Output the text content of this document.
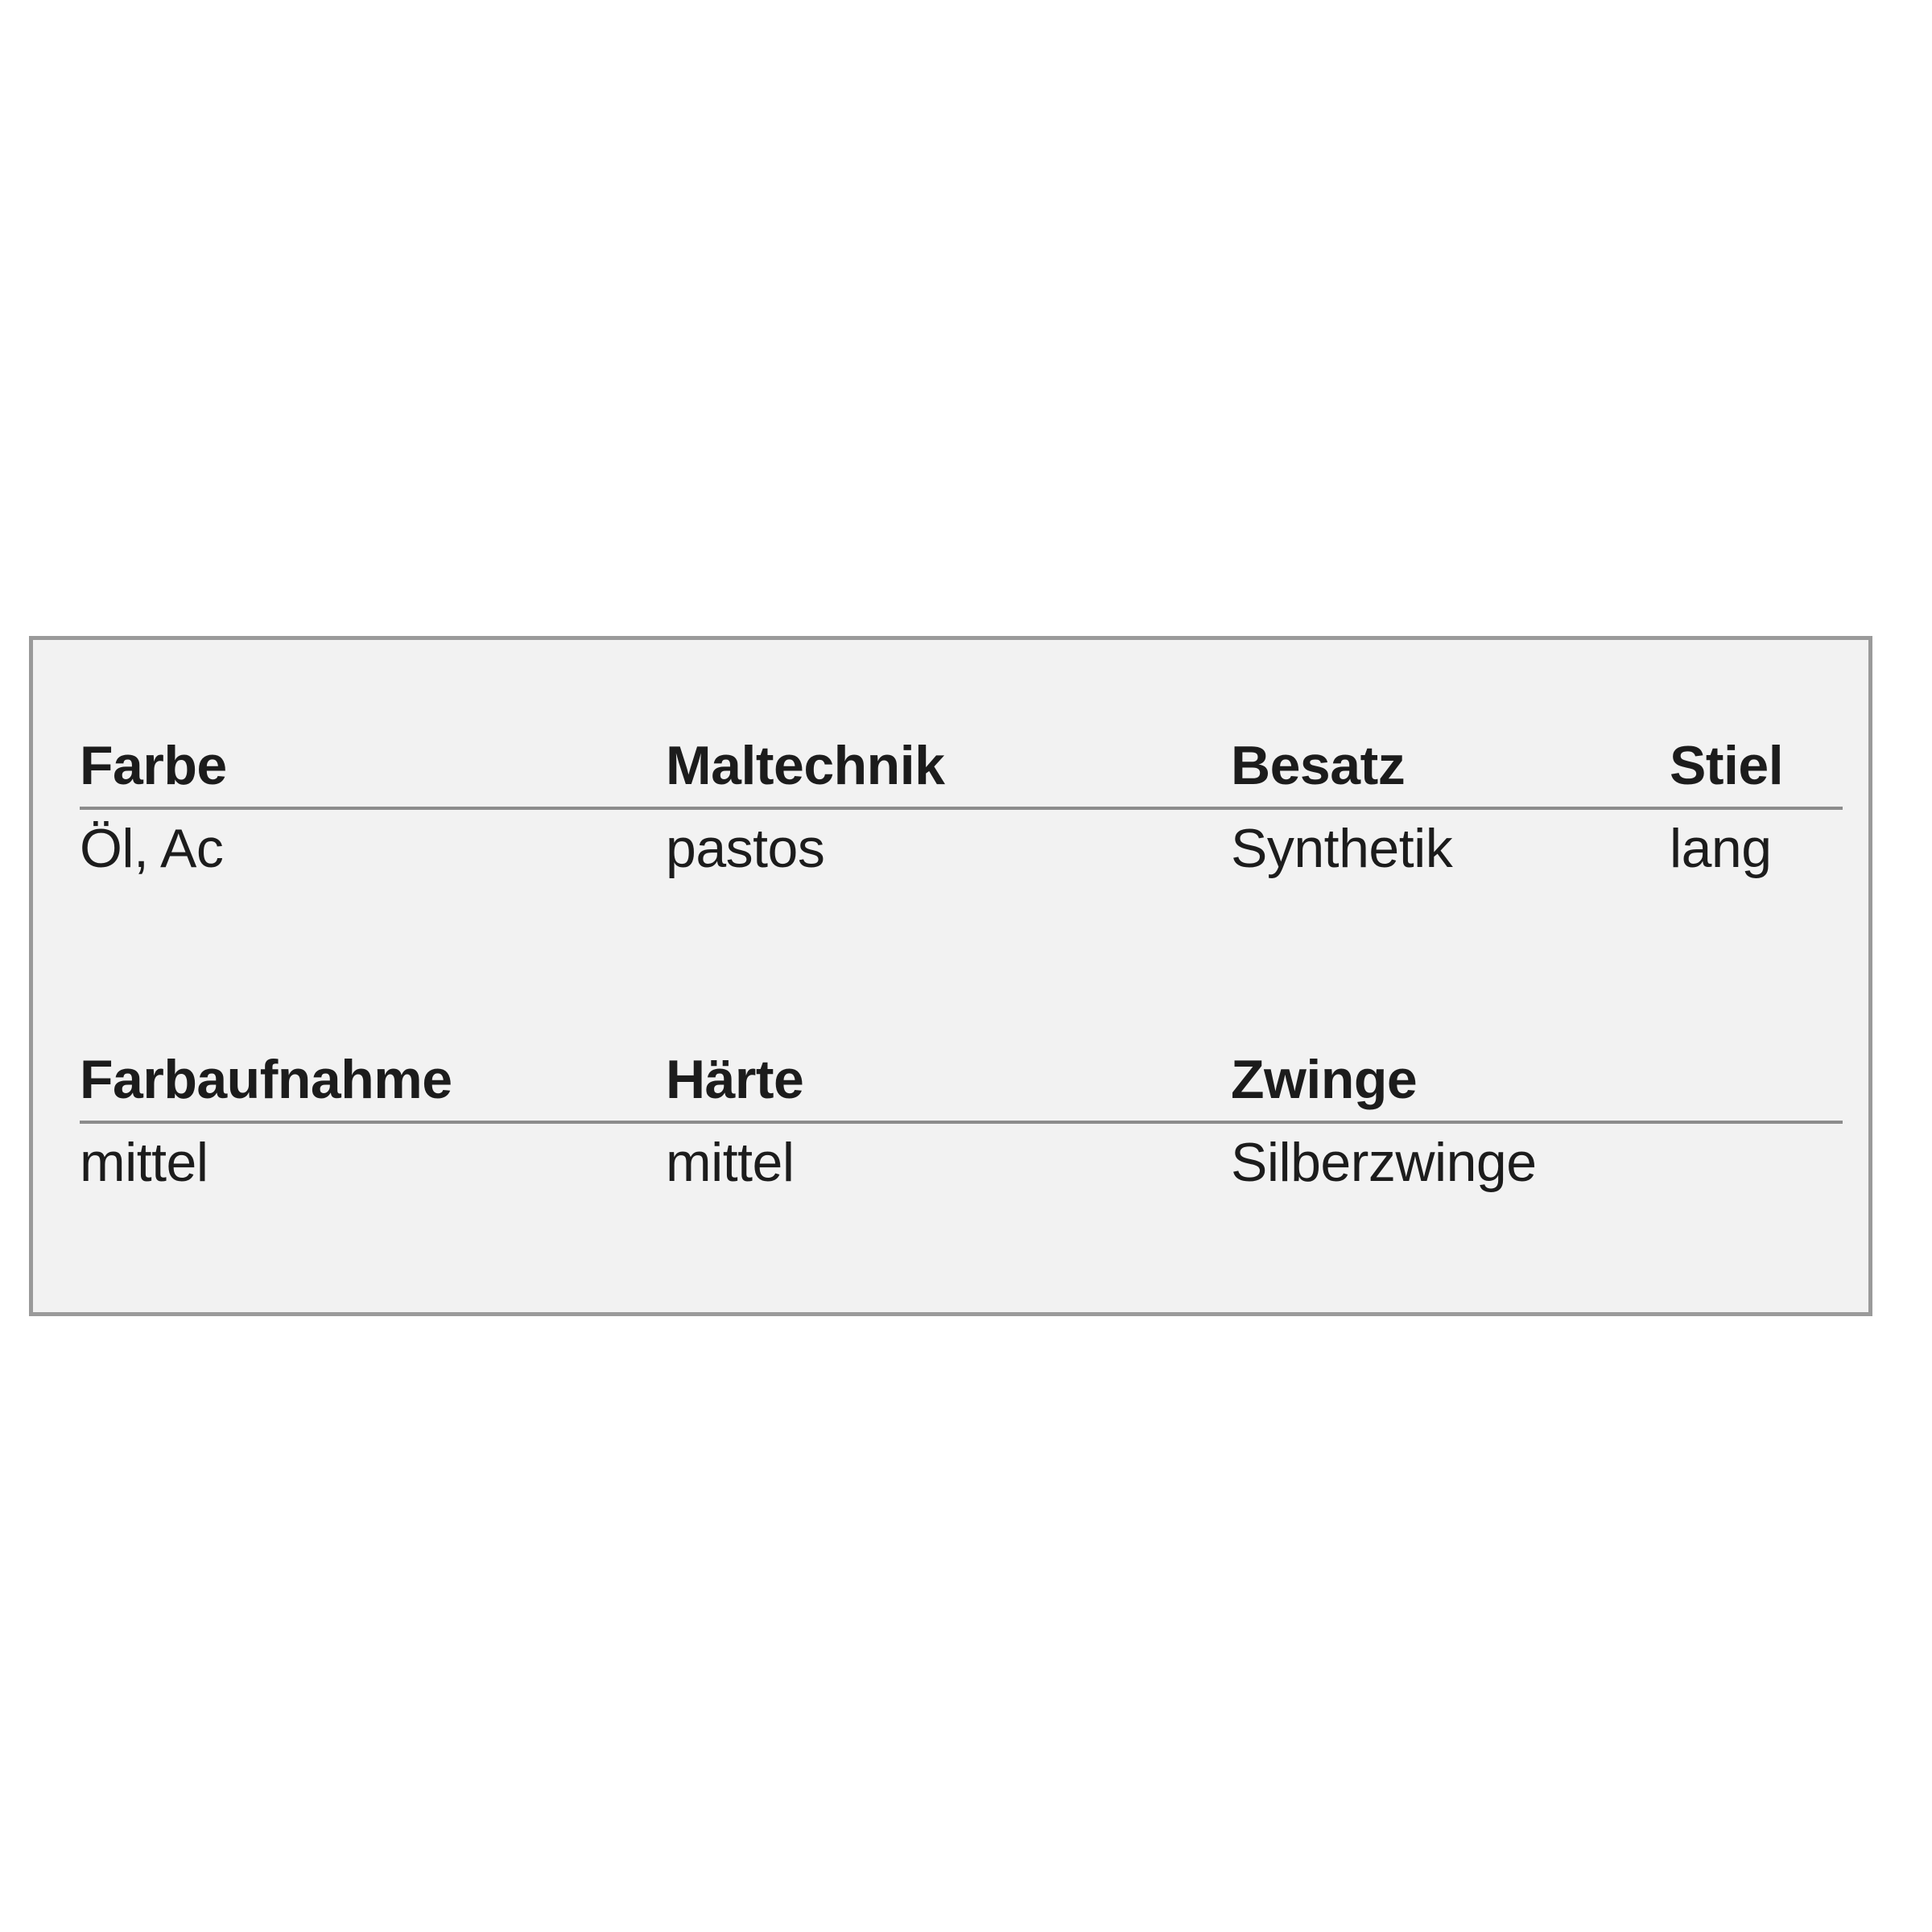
Farbe	Maltechnik	Besatz	Stiel
Öl, Ac	pastos	Synthetik	lang
Farbaufnahme	Härte	Zwinge
mittel	mittel	Silberzwinge
